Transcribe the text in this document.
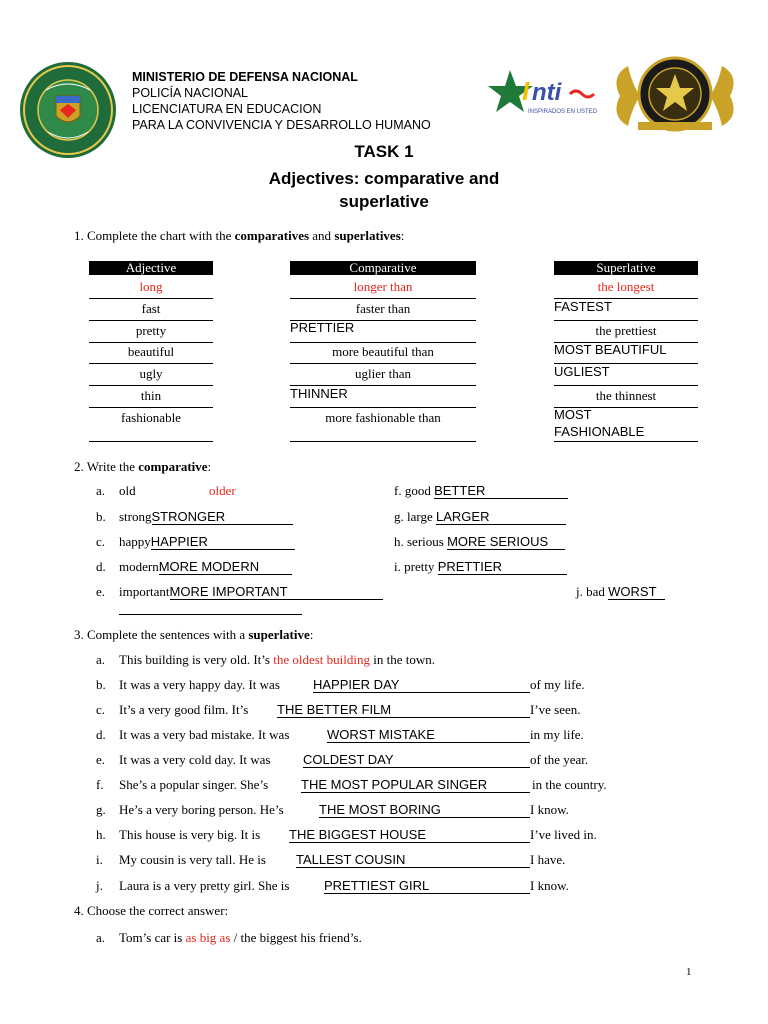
MINISTERIO DE DEFENSA NACIONAL
POLICÍA NACIONAL
LICENCIATURA EN EDUCACION
PARA LA CONVIVENCIA Y DESARROLLO HUMANO
I nti
INSPIRADOS EN USTED
TASK 1
Adjectives: comparative and
superlative
1. Complete the chart with the comparatives and superlatives:
Adjective	Comparative	Superlative
long	longer than	the longest
fast	faster than	FASTEST
pretty	PRETTIER	the prettiest
beautiful	more beautiful than	MOST BEAUTIFUL
ugly	uglier than	UGLIEST
thin	THINNER	the thinnest
fashionable	more fashionable than	MOST
FASHIONABLE
2. Write the comparative:
a. old	older
b. strongSTRONGER
c. happyHAPPIER
d. modernMORE MODERN
e. importantMORE IMPORTANT
f. good BETTER
g. large LARGER
h. serious MORE SERIOUS
i. pretty PRETTIER
j. bad WORST
3. Complete the sentences with a superlative:
a. This building is very old. It’s the oldest building in the town.
b. It was a very happy day. It was	HAPPIER DAY	of my life.
c. It’s a very good film. It’s THE BETTER FILM	I’ve seen.
d. It was a very bad mistake. It was	WORST MISTAKE	in my life.
e. It was a very cold day. It was	COLDEST DAY	of the year.
f. She’s a popular singer. She’s	THE MOST POPULAR SINGER	in the country.
g. He’s a very boring person. He’s	THE MOST BORING	I know.
h. This house is very big. It is THE BIGGEST HOUSE	I’ve lived in.
i. My cousin is very tall. He is TALLEST COUSIN	I have.
j. Laura is a very pretty girl. She is	PRETTIEST GIRL	I know.
4. Choose the correct answer:
a. Tom’s car is as big as / the biggest his friend’s.
1
